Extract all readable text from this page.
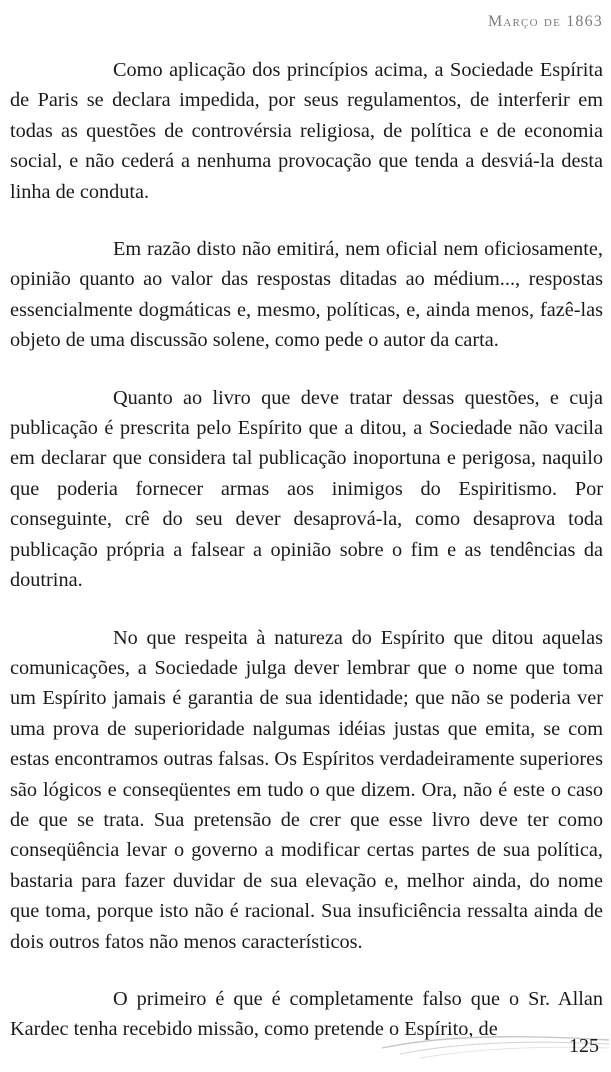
Março de 1863

Como aplicação dos princípios acima, a Sociedade Espírita de Paris se declara impedida, por seus regulamentos, de interferir em todas as questões de controvérsia religiosa, de política e de economia social, e não cederá a nenhuma provocação que tenda a desviá-la desta linha de conduta.

Em razão disto não emitirá, nem oficial nem oficiosamente, opinião quanto ao valor das respostas ditadas ao médium..., respostas essencialmente dogmáticas e, mesmo, políticas, e, ainda menos, fazê-las objeto de uma discussão solene, como pede o autor da carta.

Quanto ao livro que deve tratar dessas questões, e cuja publicação é prescrita pelo Espírito que a ditou, a Sociedade não vacila em declarar que considera tal publicação inoportuna e perigosa, naquilo que poderia fornecer armas aos inimigos do Espiritismo. Por conseguinte, crê do seu dever desaprová-la, como desaprova toda publicação própria a falsear a opinião sobre o fim e as tendências da doutrina.

No que respeita à natureza do Espírito que ditou aquelas comunicações, a Sociedade julga dever lembrar que o nome que toma um Espírito jamais é garantia de sua identidade; que não se poderia ver uma prova de superioridade nalgumas idéias justas que emita, se com estas encontramos outras falsas. Os Espíritos verdadeiramente superiores são lógicos e conseqüentes em tudo o que dizem. Ora, não é este o caso de que se trata. Sua pretensão de crer que esse livro deve ter como conseqüência levar o governo a modificar certas partes de sua política, bastaria para fazer duvidar de sua elevação e, melhor ainda, do nome que toma, porque isto não é racional. Sua insuficiência ressalta ainda de dois outros fatos não menos característicos.

O primeiro é que é completamente falso que o Sr. Allan Kardec tenha recebido missão, como pretende o Espírito, de

125
